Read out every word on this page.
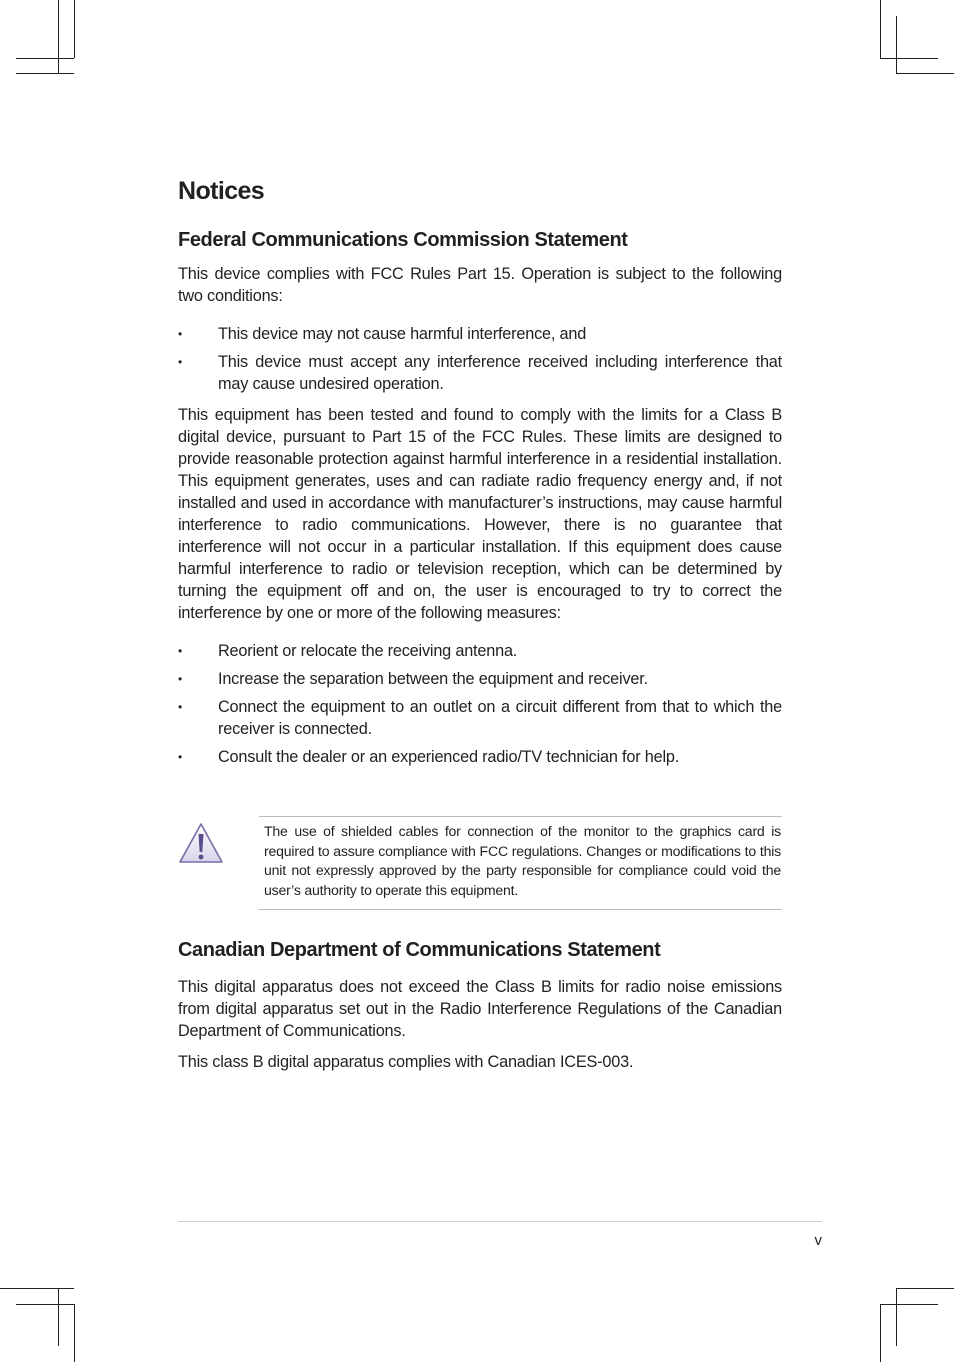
Notices
Federal Communications Commission Statement

This device complies with FCC Rules Part 15. Operation is subject to the following two conditions:

•	This device may not cause harmful interference, and
•	This device must accept any interference received including interference that may cause undesired operation.

This equipment has been tested and found to comply with the limits for a Class B digital device, pursuant to Part 15 of the FCC Rules. These limits are designed to provide reasonable protection against harmful interference in a residential installation. This equipment generates, uses and can radiate radio frequency energy and, if not installed and used in accordance with manufacturer’s instructions, may cause harmful interference to radio communications. However, there is no guarantee that interference will not occur in a particular installation. If this equipment does cause harmful interference to radio or television reception, which can be determined by turning the equipment off and on, the user is encouraged to try to correct the interference by one or more of the following measures:

•	Reorient or relocate the receiving antenna.
•	Increase the separation between the equipment and receiver.
•	Connect the equipment to an outlet on a circuit different from that to which the receiver is connected.
•	Consult the dealer or an experienced radio/TV technician for help.

The use of shielded cables for connection of the monitor to the graphics card is required to assure compliance with FCC regulations. Changes or modifications to this unit not expressly approved by the party responsible for compliance could void the user’s authority to operate this equipment.

Canadian Department of Communications Statement

This digital apparatus does not exceed the Class B limits for radio noise emissions from digital apparatus set out in the Radio Interference Regulations of the Canadian Department of Communications.

This class B digital apparatus complies with Canadian ICES-003.

v
